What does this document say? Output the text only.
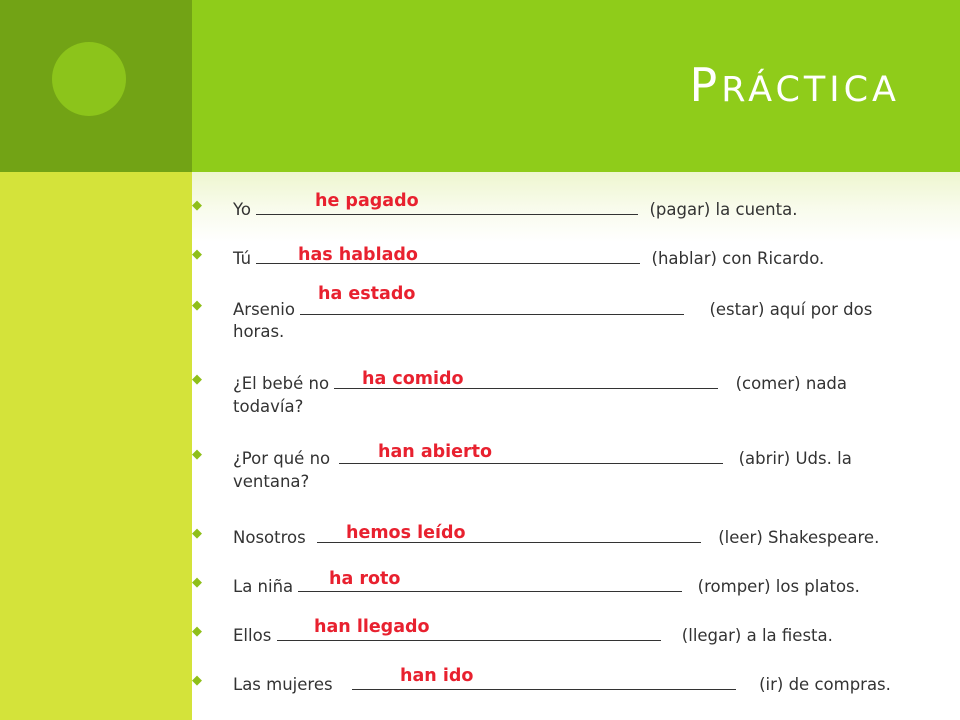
PRÁCTICA
◆ Yo	(pagar) la cuenta.
he pagado
◆ Tú	(hablar) con Ricardo.
has hablado
◆ Arsenio	(estar) aquí por dos
horas.
ha estado
◆ ¿El bebé no	(comer) nada
todavía?
ha comido
◆ ¿Por qué no	(abrir) Uds. la
ventana?
han abierto
◆ Nosotros	(leer) Shakespeare.
hemos leído
◆ La niña	(romper) los platos.
ha roto
◆ Ellos	(llegar) a la fiesta.
han llegado
◆ Las mujeres	(ir) de compras.
han ido
